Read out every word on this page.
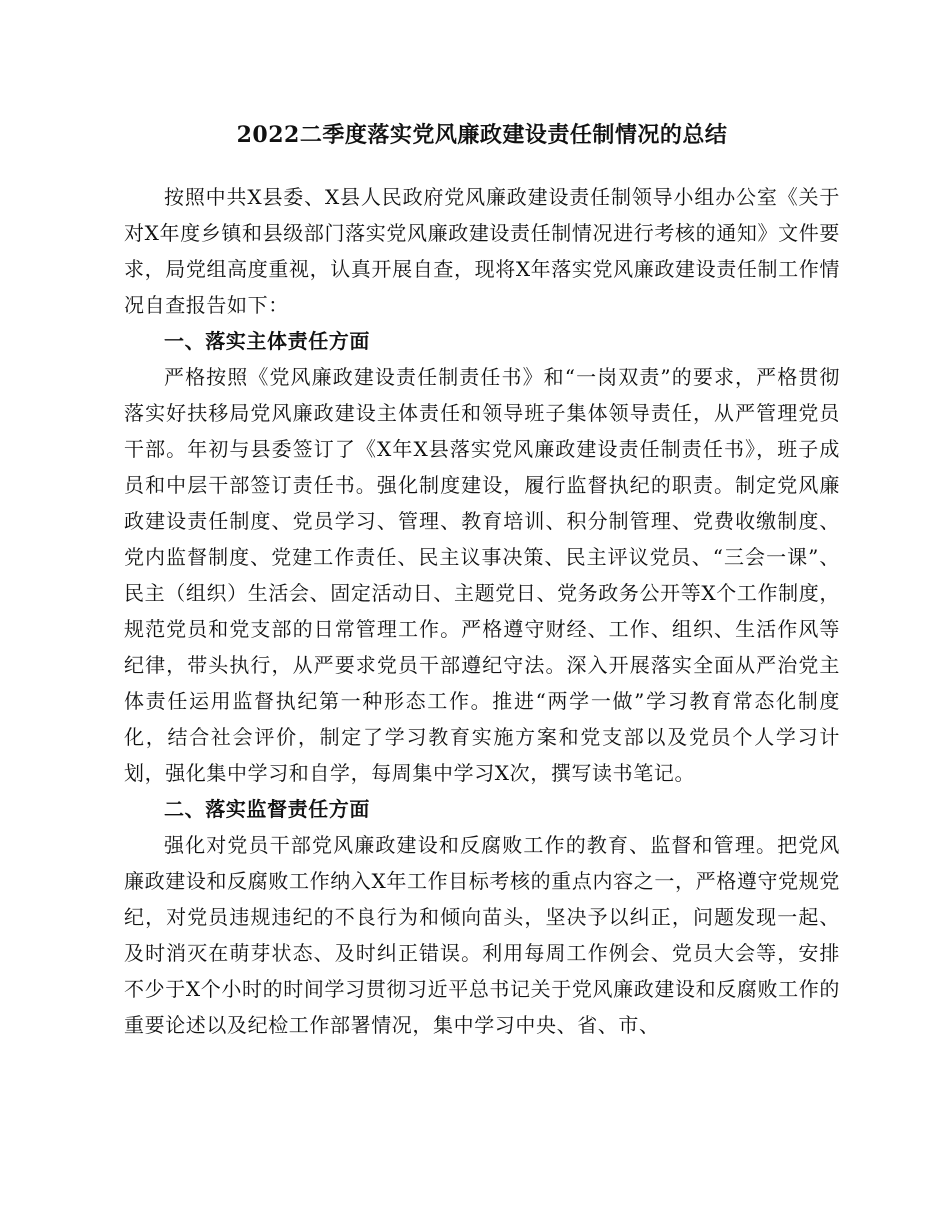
2022二季度落实党风廉政建设责任制情况的总结

按照中共X县委、X县人民政府党风廉政建设责任制领导小组办公室《关于对X年度乡镇和县级部门落实党风廉政建设责任制情况进行考核的通知》文件要求，局党组高度重视，认真开展自查，现将X年落实党风廉政建设责任制工作情况自查报告如下：

一、落实主体责任方面

严格按照《党风廉政建设责任制责任书》和“一岗双责”的要求，严格贯彻落实好扶移局党风廉政建设主体责任和领导班子集体领导责任，从严管理党员干部。年初与县委签订了《X年X县落实党风廉政建设责任制责任书》，班子成员和中层干部签订责任书。强化制度建设，履行监督执纪的职责。制定党风廉政建设责任制度、党员学习、管理、教育培训、积分制管理、党费收缴制度、党内监督制度、党建工作责任、民主议事决策、民主评议党员、“三会一课”、民主（组织）生活会、固定活动日、主题党日、党务政务公开等X个工作制度，规范党员和党支部的日常管理工作。严格遵守财经、工作、组织、生活作风等纪律，带头执行，从严要求党员干部遵纪守法。深入开展落实全面从严治党主体责任运用监督执纪第一种形态工作。推进“两学一做”学习教育常态化制度化，结合社会评价，制定了学习教育实施方案和党支部以及党员个人学习计划，强化集中学习和自学，每周集中学习X次，撰写读书笔记。

二、落实监督责任方面

强化对党员干部党风廉政建设和反腐败工作的教育、监督和管理。把党风廉政建设和反腐败工作纳入X年工作目标考核的重点内容之一，严格遵守党规党纪，对党员违规违纪的不良行为和倾向苗头，坚决予以纠正，问题发现一起、及时消灭在萌芽状态、及时纠正错误。利用每周工作例会、党员大会等，安排不少于X个小时的时间学习贯彻习近平总书记关于党风廉政建设和反腐败工作的重要论述以及纪检工作部署情况，集中学习中央、省、市、
